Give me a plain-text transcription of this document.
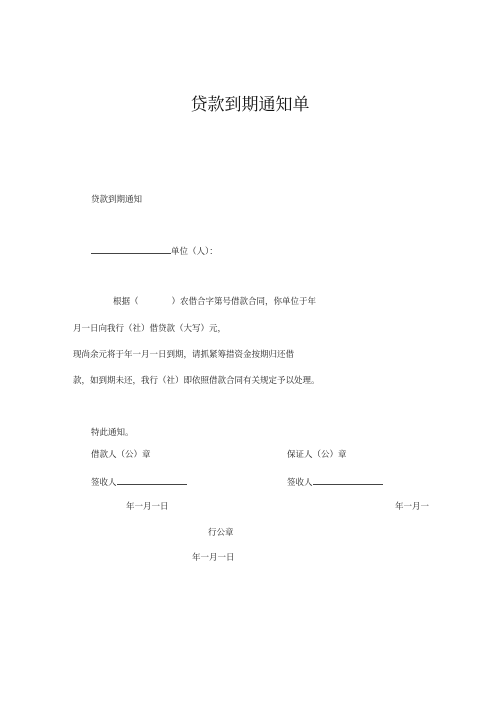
贷款到期通知单
贷款到期通知
单位（人）：
根据（	）农借合字第号借款合同，你单位于年
月一日向我行（社）借贷款（大写）元，
现尚余元将于年一月一日到期，请抓紧筹措资金按期归还借
款，如到期未还，我行（社）即依照借款合同有关规定予以处理。
特此通知。
借款人（公）章	保证人（公）章
签收人	签收人
年一月一日	年一月一
行公章
年一月一日
